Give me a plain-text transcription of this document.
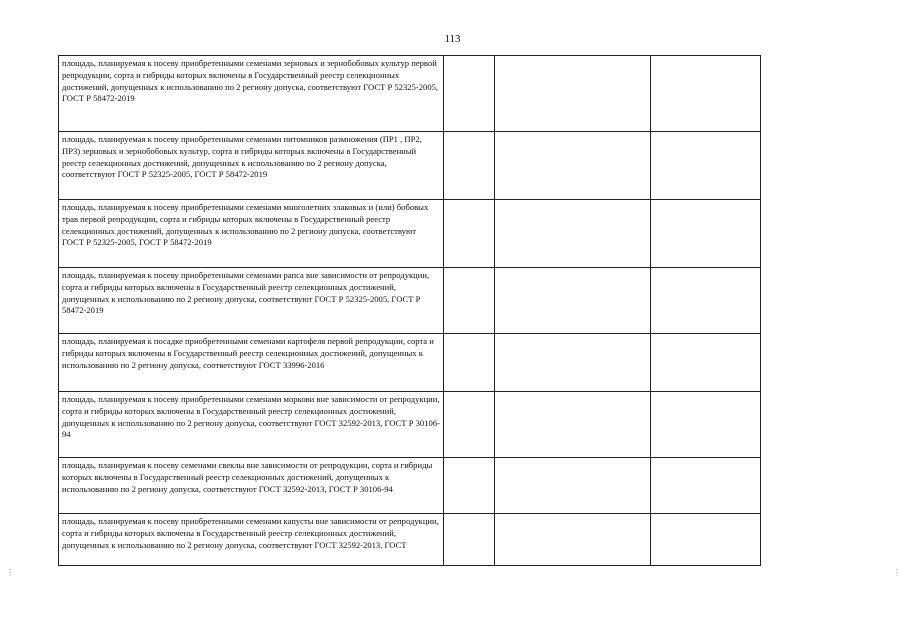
113
площадь, планируемая к посеву приобретенными семенами зерновых и зернобобовых культур первой репродукции, сорта и гибриды которых включены в Государственный реестр селекционных достижений, допущенных к использованию по 2 региону допуска, соответствуют ГОСТ Р 52325-2005, ГОСТ Р 58472-2019			
площадь, планируемая к посеву приобретенными семенами питомников размножения (ПР1 , ПР2, ПР3) зерновых и зернобобовых культур, сорта и гибриды которых включены в Государственный реестр селекционных достижений, допущенных к использованию по 2 региону допуска, соответствуют ГОСТ Р 52325-2005, ГОСТ Р 58472-2019			
площадь, планируемая к посеву приобретенными семенами многолетних злаковых и (или) бобовых трав первой репродукции, сорта и гибриды которых включены в Государственный реестр селекционных достижений, допущенных к использованию по 2 региону допуска, соответствуют ГОСТ Р 52325-2005, ГОСТ Р 58472-2019			
площадь, планируемая к посеву приобретенными семенами рапса вне зависимости от репродукции, сорта и гибриды которых включены в Государственный реестр селекционных достижений, допущенных к использованию по 2 региону допуска, соответствуют ГОСТ Р 52325-2005, ГОСТ Р 58472-2019			
площадь, планируемая к посадке приобретенными семенами картофеля первой репродукции, сорта и гибриды которых включены в Государственный реестр селекционных достижений, допущенных к использованию по 2 региону допуска, соответствуют ГОСТ 33996-2016			
площадь, планируемая к посеву приобретенными семенами моркови вне зависимости от репродукции, сорта и гибриды которых включены в Государственный реестр селекционных достижений, допущенных к использованию по 2 региону допуска, соответствуют ГОСТ 32592-2013, ГОСТ Р 30106-94			
площадь, планируемая к посеву семенами свеклы вне зависимости от репродукции, сорта и гибриды которых включены в Государственный реестр селекционных достижений, допущенных к использованию по 2 региону допуска, соответствуют ГОСТ 32592-2013, ГОСТ Р 30106-94			
площадь, планируемая к посеву приобретенными семенами капусты вне зависимости от репродукции, сорта и гибриды которых включены в Государственный реестр селекционных достижений, допущенных к использованию по 2 региону допуска, соответствуют ГОСТ 32592-2013, ГОСТ			
⋮	⋮
